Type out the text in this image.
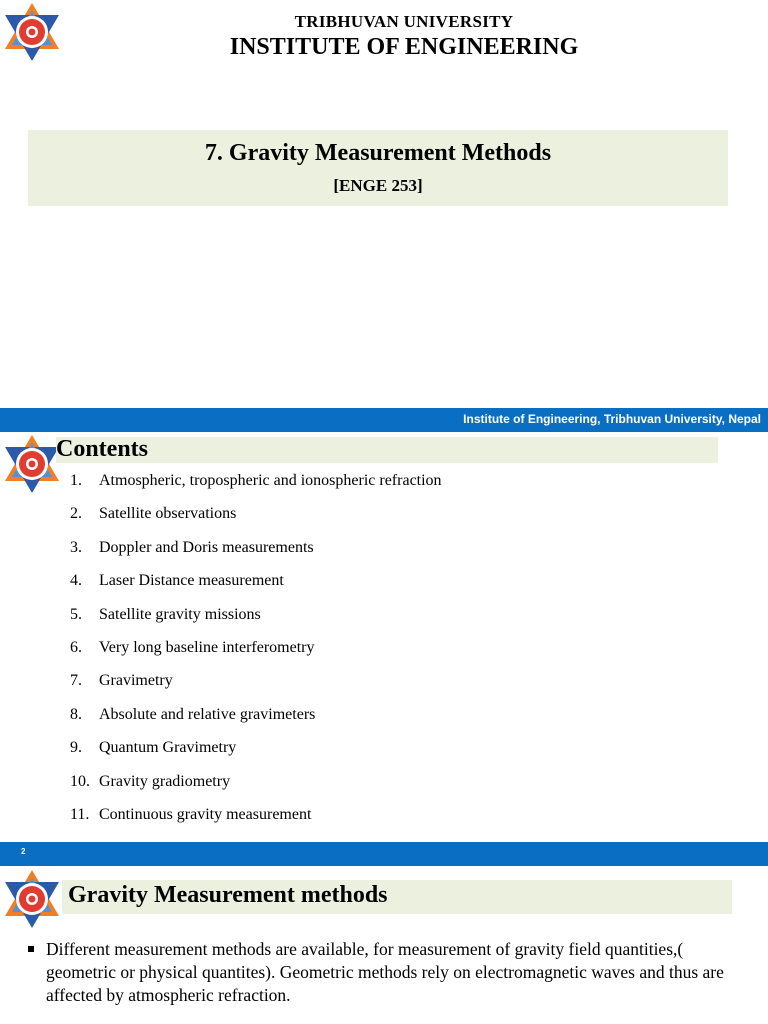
TRIBHUVAN UNIVERSITY
INSTITUTE OF ENGINEERING
7. Gravity Measurement Methods
[ENGE 253]
Institute of Engineering, Tribhuvan University, Nepal
Contents
1.	Atmospheric, tropospheric and ionospheric refraction
2.	Satellite observations
3.	Doppler and Doris measurements
4.	Laser Distance measurement
5.	Satellite gravity missions
6.	Very long baseline interferometry
7.	Gravimetry
8.	Absolute and relative gravimeters
9.	Quantum Gravimetry
10. Gravity gradiometry
11. Continuous gravity measurement
2
Gravity Measurement methods
Different measurement methods are available, for measurement of gravity field quantities,( geometric or physical quantites). Geometric methods rely on electromagnetic waves and thus are affected by atmospheric refraction.
